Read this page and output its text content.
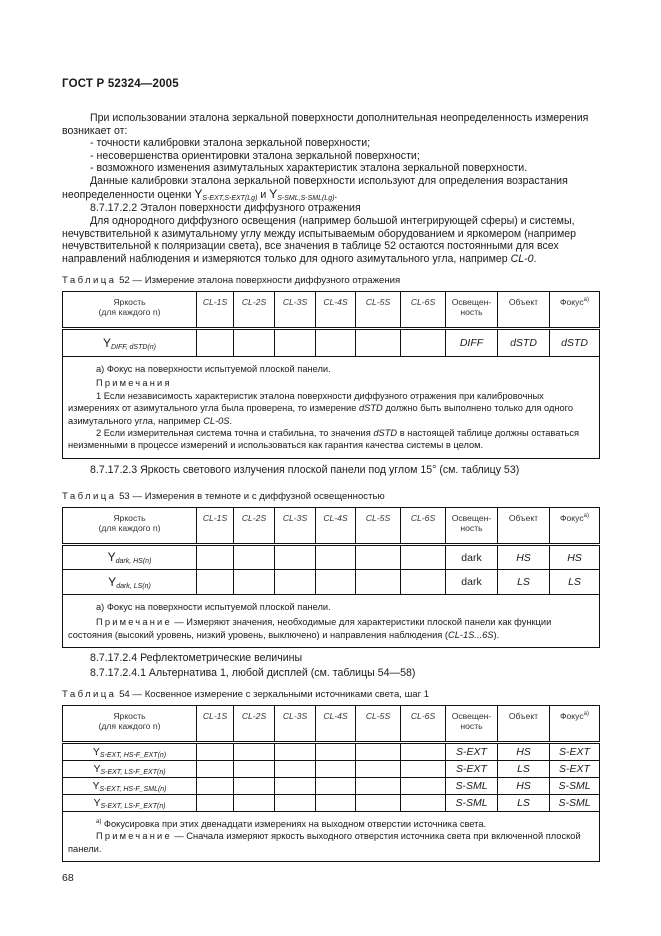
ГОСТ Р 52324—2005
При использовании эталона зеркальной поверхности дополнительная неопределенность измерения возникает от:
- точности калибровки эталона зеркальной поверхности;
- несовершенства ориентировки эталона зеркальной поверхности;
- возможного изменения азимутальных характеристик эталона зеркальной поверхности.
Данные калибровки эталона зеркальной поверхности используют для определения возрастания неопределенности оценки $Y_{S-EXT,S-EXT(Lg)}$ и $Y_{S-SML,S-SML(Lg)}$.
8.7.17.2.2 Эталон поверхности диффузного отражения
Для однородного диффузного освещения (например большой интегрирующей сферы) и системы, нечувствительной к азимутальному углу между испытываемым оборудованием и яркомером (например нечувствительной к поляризации света), все значения в таблице 52 остаются постоянными для всех направлений наблюдения и измеряются только для одного азимутального угла, например CL-0.
Таблица 52 — Измерение эталона поверхности диффузного отражения
Яркость
(для каждого n)	CL-1S	CL-2S	CL-3S	CL-4S	CL-5S	CL-6S	Освещен-ность	Объект	Фокус$^{а)}$
$Y_{DIFF, dSTD(n)}$							DIFF	dSTD	dSTD

а) Фокус на поверхности испытуемой плоской панели.
Примечания
1 Если независимость характеристик эталона поверхности диффузного отражения при калибровочных измерениях от азимутального угла была проверена, то измерение dSTD должно быть выполнено только для одного азимутального угла, например CL-0S.
2 Если измерительная система точна и стабильна, то значения dSTD в настоящей таблице должны оставаться неизменными в процессе измерений и использоваться как гарантия качества системы в целом.									
8.7.17.2.3 Яркость светового излучения плоской панели под углом 15° (см. таблицу 53)
Таблица 53 — Измерения в темноте и с диффузной освещенностью
Яркость
(для каждого n)	CL-1S	CL-2S	CL-3S	CL-4S	CL-5S	CL-6S	Освещен-ность	Объект	Фокус$^{а)}$
$Y_{dark, HS(n)}$							dark	HS	HS
$Y_{dark, LS(n)}$							dark	LS	LS

а) Фокус на поверхности испытуемой плоской панели.
Примечание — Измеряют значения, необходимые для характеристики плоской панели как функции состояния (высокий уровень, низкий уровень, выключено) и направления наблюдения (CL-1S...6S).									
8.7.17.2.4 Рефлектометрические величины
8.7.17.2.4.1 Альтернатива 1, любой дисплей (см. таблицы 54—58)
Таблица 54 — Косвенное измерение с зеркальными источниками света, шаг 1
Яркость
(для каждого n)	CL-1S	CL-2S	CL-3S	CL-4S	CL-5S	CL-6S	Освещен-ность	Объект	Фокус$^{а)}$
$Y_{S-EXT, HS-F\_EXT(n)}$							S-EXT	HS	S-EXT
$Y_{S-EXT, LS-F\_EXT(n)}$							S-EXT	LS	S-EXT
$Y_{S-EXT, HS-F\_SML(n)}$							S-SML	HS	S-SML
$Y_{S-EXT, LS-F\_EXT(n)}$							S-SML	LS	S-SML

$^{а)}$ Фокусировка при этих двенадцати измерениях на выходном отверстии источника света.
Примечание — Сначала измеряют яркость выходного отверстия источника света при включенной плоской панели.									
68
